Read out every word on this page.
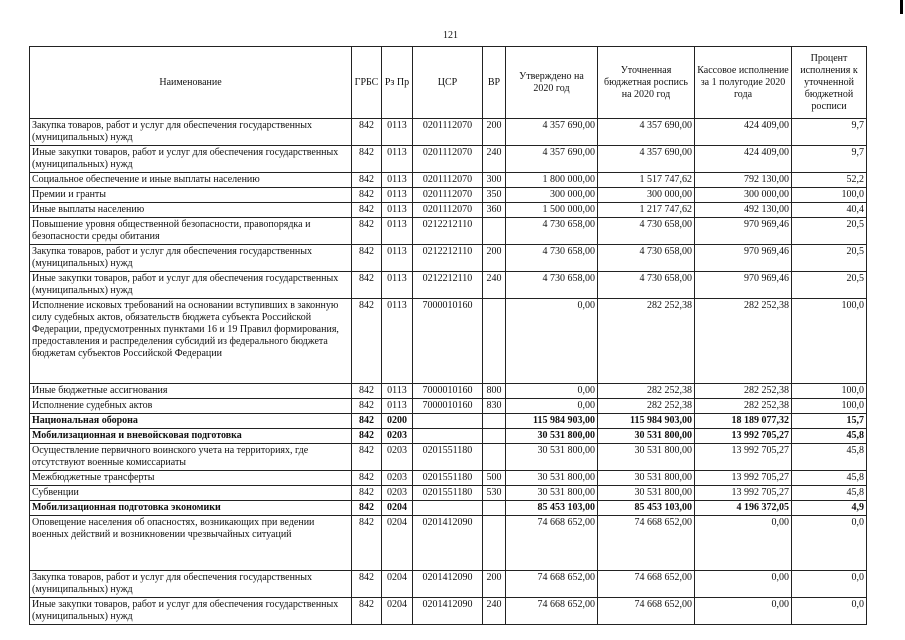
121
Наименование	ГРБС	Рз Пр	ЦСР	ВР	Утверждено на 2020 год	Уточненная бюджетная роспись на 2020 год	Кассовое исполнение за 1 полугодие 2020 года	Процент исполнения к уточненной бюджетной росписи
Закупка товаров, работ и услуг для обеспечения государственных (муниципальных) нужд	842	0113	0201112070	200	4 357 690,00	4 357 690,00	424 409,00	9,7
Иные закупки товаров, работ и услуг для обеспечения государственных (муниципальных) нужд	842	0113	0201112070	240	4 357 690,00	4 357 690,00	424 409,00	9,7
Социальное обеспечение и иные выплаты населению	842	0113	0201112070	300	1 800 000,00	1 517 747,62	792 130,00	52,2
Премии и гранты	842	0113	0201112070	350	300 000,00	300 000,00	300 000,00	100,0
Иные выплаты населению	842	0113	0201112070	360	1 500 000,00	1 217 747,62	492 130,00	40,4
Повышение уровня общественной безопасности, правопорядка и безопасности среды обитания	842	0113	0212212110		4 730 658,00	4 730 658,00	970 969,46	20,5
Закупка товаров, работ и услуг для обеспечения государственных (муниципальных) нужд	842	0113	0212212110	200	4 730 658,00	4 730 658,00	970 969,46	20,5
Иные закупки товаров, работ и услуг для обеспечения государственных (муниципальных) нужд	842	0113	0212212110	240	4 730 658,00	4 730 658,00	970 969,46	20,5
Исполнение исковых требований на основании вступивших в законную силу судебных актов, обязательств бюджета субъекта Российской Федерации, предусмотренных пунктами 16 и 19 Правил формирования, предоставления и распределения субсидий из федерального бюджета бюджетам субъектов Российской Федерации	842	0113	7000010160		0,00	282 252,38	282 252,38	100,0
Иные бюджетные ассигнования	842	0113	7000010160	800	0,00	282 252,38	282 252,38	100,0
Исполнение судебных актов	842	0113	7000010160	830	0,00	282 252,38	282 252,38	100,0
Национальная оборона	842	0200			115 984 903,00	115 984 903,00	18 189 077,32	15,7
Мобилизационная и вневойсковая подготовка	842	0203			30 531 800,00	30 531 800,00	13 992 705,27	45,8
Осуществление первичного воинского учета на территориях, где отсутствуют военные комиссариаты	842	0203	0201551180		30 531 800,00	30 531 800,00	13 992 705,27	45,8
Межбюджетные трансферты	842	0203	0201551180	500	30 531 800,00	30 531 800,00	13 992 705,27	45,8
Субвенции	842	0203	0201551180	530	30 531 800,00	30 531 800,00	13 992 705,27	45,8
Мобилизационная подготовка экономики	842	0204			85 453 103,00	85 453 103,00	4 196 372,05	4,9
Оповещение населения об опасностях, возникающих при ведении военных действий и возникновении чрезвычайных ситуаций	842	0204	0201412090		74 668 652,00	74 668 652,00	0,00	0,0
Закупка товаров, работ и услуг для обеспечения государственных (муниципальных) нужд	842	0204	0201412090	200	74 668 652,00	74 668 652,00	0,00	0,0
Иные закупки товаров, работ и услуг для обеспечения государственных (муниципальных) нужд	842	0204	0201412090	240	74 668 652,00	74 668 652,00	0,00	0,0
